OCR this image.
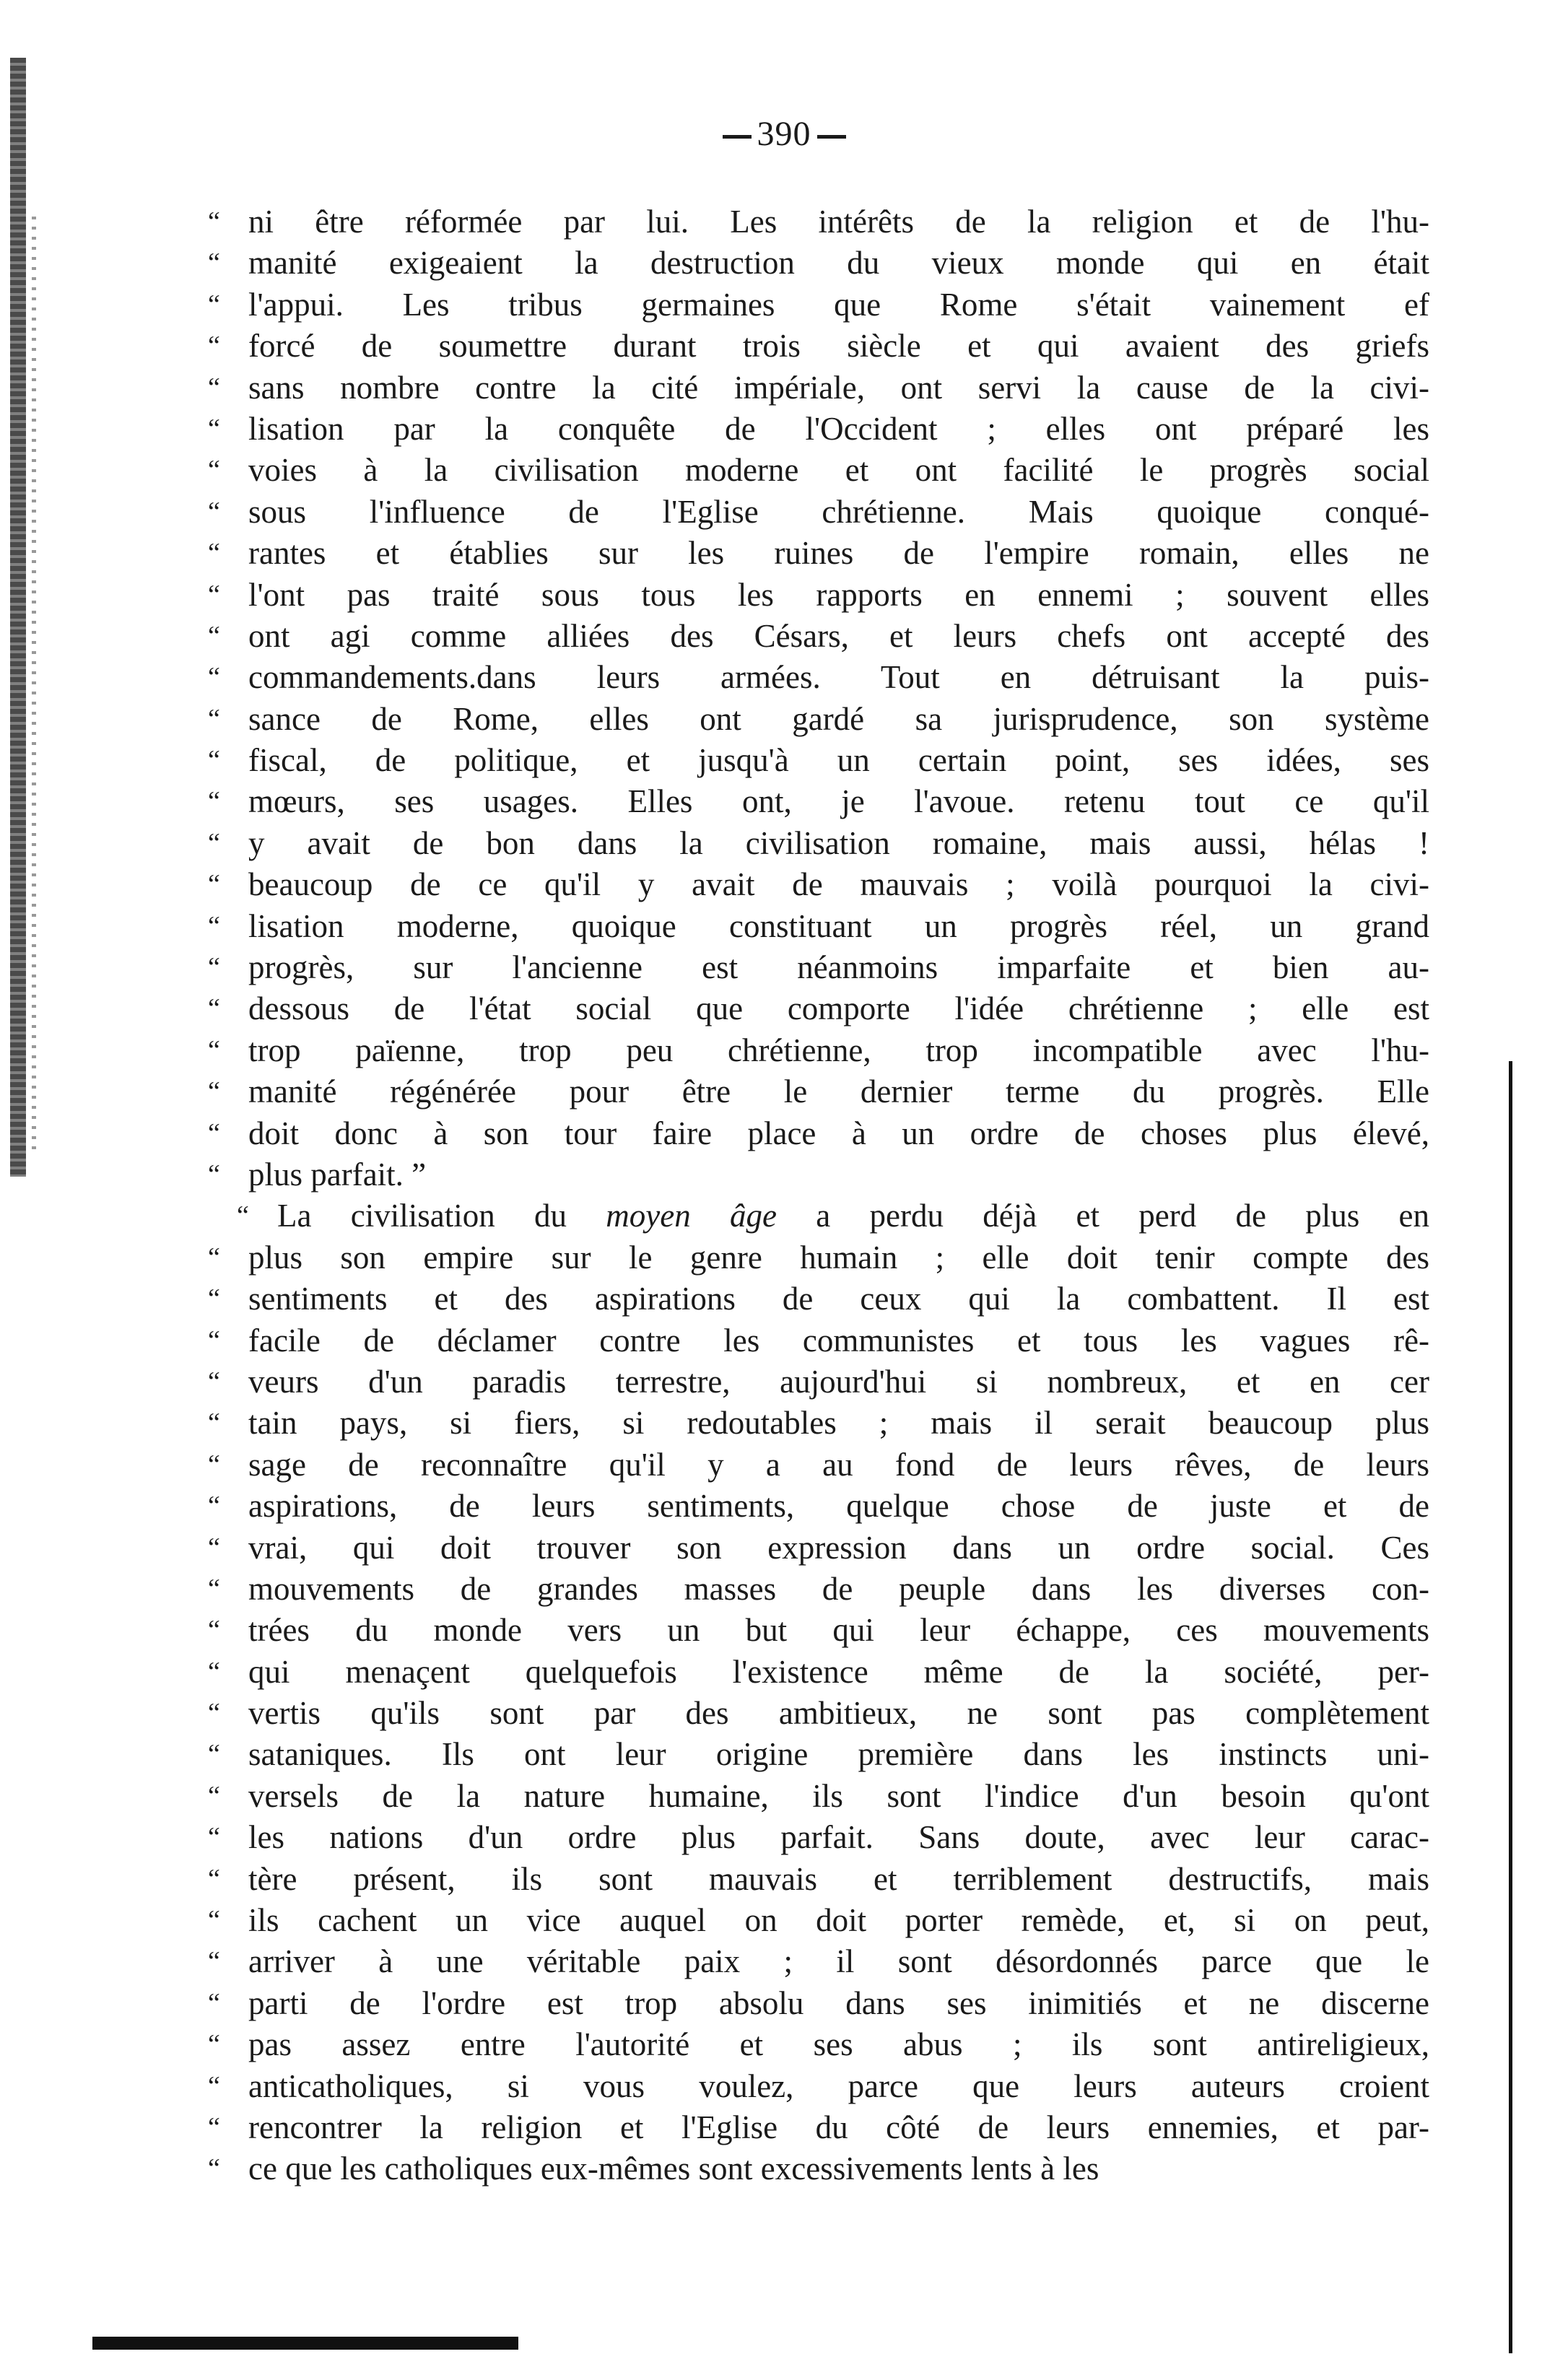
390
“ ni être réformée par lui. Les intérêts de la religion et de l'hu-
“ manité exigeaient la destruction du vieux monde qui en était
“ l'appui. Les tribus germaines que Rome s'était vainement ef
“ forcé de soumettre durant trois siècle et qui avaient des griefs
“ sans nombre contre la cité impériale, ont servi la cause de la civi-
“ lisation par la conquête de l'Occident ; elles ont préparé les
“ voies à la civilisation moderne et ont facilité le progrès social
“ sous l'influence de l'Eglise chrétienne. Mais quoique conqué-
“ rantes et établies sur les ruines de l'empire romain, elles ne
“ l'ont pas traité sous tous les rapports en ennemi ; souvent elles
“ ont agi comme alliées des Césars, et leurs chefs ont accepté des
“ commandements.dans leurs armées. Tout en détruisant la puis-
“ sance de Rome, elles ont gardé sa jurisprudence, son système
“ fiscal, de politique, et jusqu'à un certain point, ses idées, ses
“ mœurs, ses usages. Elles ont, je l'avoue. retenu tout ce qu'il
“ y avait de bon dans la civilisation romaine, mais aussi, hélas !
“ beaucoup de ce qu'il y avait de mauvais ; voilà pourquoi la civi-
“ lisation moderne, quoique constituant un progrès réel, un grand
“ progrès, sur l'ancienne est néanmoins imparfaite et bien au-
“ dessous de l'état social que comporte l'idée chrétienne ; elle est
“ trop païenne, trop peu chrétienne, trop incompatible avec l'hu-
“ manité régénérée pour être le dernier terme du progrès. Elle
“ doit donc à son tour faire place à un ordre de choses plus élevé,
“ plus parfait. ”
“ La civilisation du moyen âge a perdu déjà et perd de plus en
“ plus son empire sur le genre humain ; elle doit tenir compte des
“ sentiments et des aspirations de ceux qui la combattent. Il est
“ facile de déclamer contre les communistes et tous les vagues rê-
“ veurs d'un paradis terrestre, aujourd'hui si nombreux, et en cer
“ tain pays, si fiers, si redoutables ; mais il serait beaucoup plus
“ sage de reconnaître qu'il y a au fond de leurs rêves, de leurs
“ aspirations, de leurs sentiments, quelque chose de juste et de
“ vrai, qui doit trouver son expression dans un ordre social. Ces
“ mouvements de grandes masses de peuple dans les diverses con-
“ trées du monde vers un but qui leur échappe, ces mouvements
“ qui menaçent quelquefois l'existence même de la société, per-
“ vertis qu'ils sont par des ambitieux, ne sont pas complètement
“ sataniques. Ils ont leur origine première dans les instincts uni-
“ versels de la nature humaine, ils sont l'indice d'un besoin qu'ont
“ les nations d'un ordre plus parfait. Sans doute, avec leur carac-
“ tère présent, ils sont mauvais et terriblement destructifs, mais
“ ils cachent un vice auquel on doit porter remède, et, si on peut,
“ arriver à une véritable paix ; il sont désordonnés parce que le
“ parti de l'ordre est trop absolu dans ses inimitiés et ne discerne
“ pas assez entre l'autorité et ses abus ; ils sont antireligieux,
“ anticatholiques, si vous voulez, parce que leurs auteurs croient
“ rencontrer la religion et l'Eglise du côté de leurs ennemies, et par-
“ ce que les catholiques eux-mêmes sont excessivements lents à les
